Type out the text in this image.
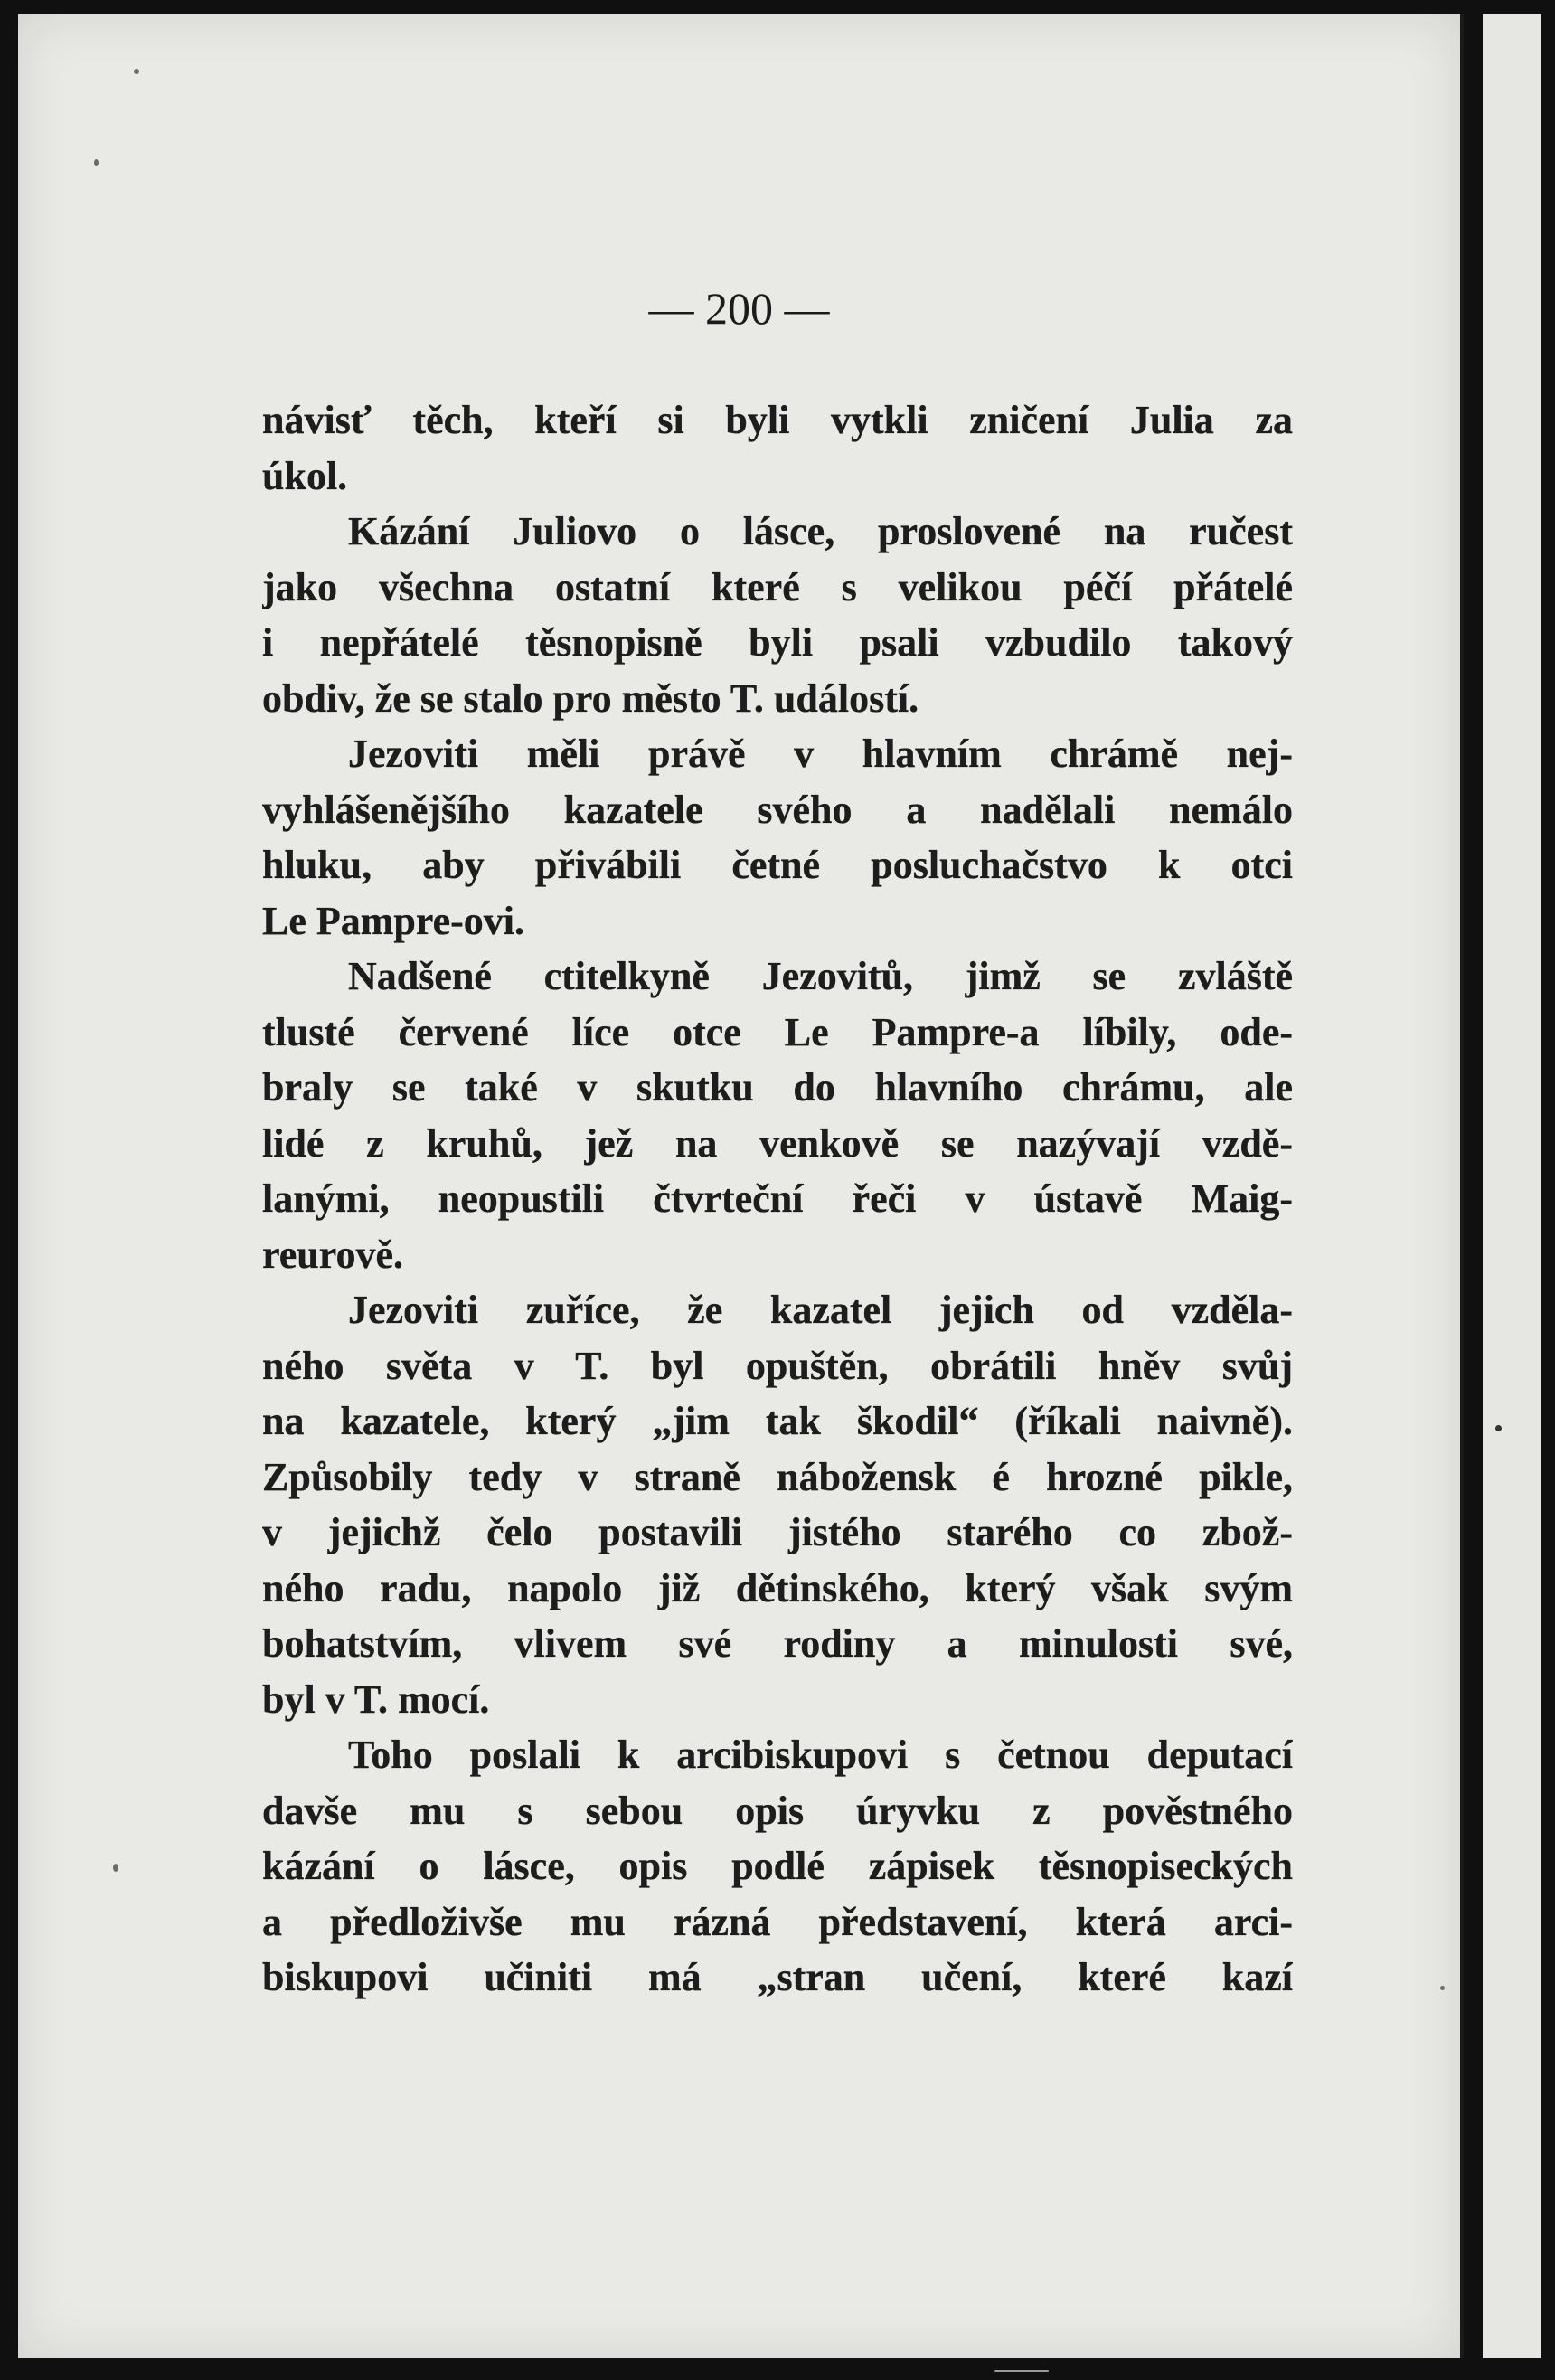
— 200 —
návisť těch, kteří si byli vytkli zničení Julia za
úkol.
Kázání Juliovo o lásce, proslovené na ručest
jako všechna ostatní které s velikou péčí přátelé
i nepřátelé těsnopisně byli psali vzbudilo takový
obdiv, že se stalo pro město T. událostí.
Jezoviti měli právě v hlavním chrámě nej-
vyhlášenějšího kazatele svého a nadělali nemálo
hluku, aby přivábili četné posluchačstvo k otci
Le Pampre-ovi.
Nadšené ctitelkyně Jezovitů, jimž se zvláště
tlusté červené líce otce Le Pampre-a líbily, ode-
braly se také v skutku do hlavního chrámu, ale
lidé z kruhů, jež na venkově se nazývají vzdě-
lanými, neopustili čtvrteční řeči v ústavě Maig-
reurově.
Jezoviti zuříce, že kazatel jejich od vzděla-
ného světa v T. byl opuštěn, obrátili hněv svůj
na kazatele, který „jim tak škodil“ (říkali naivně).
Způsobily tedy v straně nábožensk é hrozné pikle,
v jejichž čelo postavili jistého starého co zbož-
ného radu, napolo již dětinského, který však svým
bohatstvím, vlivem své rodiny a minulosti své,
byl v T. mocí.
Toho poslali k arcibiskupovi s četnou deputací
davše mu s sebou opis úryvku z pověstného
kázání o lásce, opis podlé zápisek těsnopiseckých
a předloživše mu rázná představení, která arci-
biskupovi učiniti má „stran učení, které kazí
